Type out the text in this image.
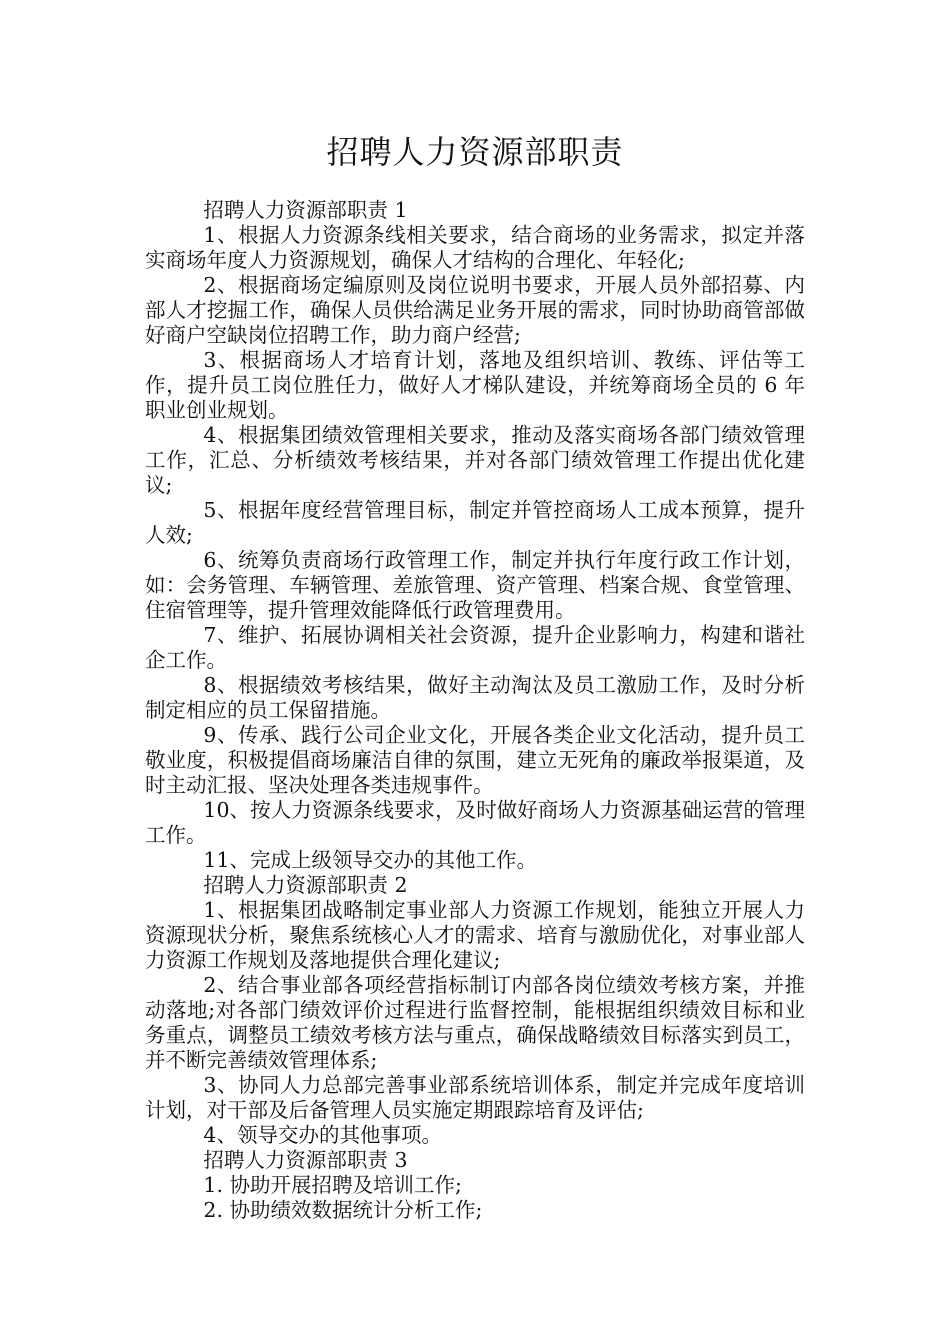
招聘人力资源部职责

招聘人力资源部职责 1

1、根据人力资源条线相关要求，结合商场的业务需求，拟定并落实商场年度人力资源规划，确保人才结构的合理化、年轻化;

2、根据商场定编原则及岗位说明书要求，开展人员外部招募、内部人才挖掘工作，确保人员供给满足业务开展的需求，同时协助商管部做好商户空缺岗位招聘工作，助力商户经营;

3、根据商场人才培育计划，落地及组织培训、教练、评估等工作，提升员工岗位胜任力，做好人才梯队建设，并统筹商场全员的 6 年职业创业规划。

4、根据集团绩效管理相关要求，推动及落实商场各部门绩效管理工作，汇总、分析绩效考核结果，并对各部门绩效管理工作提出优化建议;

5、根据年度经营管理目标，制定并管控商场人工成本预算，提升人效;

6、统筹负责商场行政管理工作，制定并执行年度行政工作计划，如：会务管理、车辆管理、差旅管理、资产管理、档案合规、食堂管理、住宿管理等，提升管理效能降低行政管理费用。

7、维护、拓展协调相关社会资源，提升企业影响力，构建和谐社企工作。

8、根据绩效考核结果，做好主动淘汰及员工激励工作，及时分析制定相应的员工保留措施。

9、传承、践行公司企业文化，开展各类企业文化活动，提升员工敬业度，积极提倡商场廉洁自律的氛围，建立无死角的廉政举报渠道，及时主动汇报、坚决处理各类违规事件。

10、按人力资源条线要求，及时做好商场人力资源基础运营的管理工作。

11、完成上级领导交办的其他工作。

招聘人力资源部职责 2

1、根据集团战略制定事业部人力资源工作规划，能独立开展人力资源现状分析，聚焦系统核心人才的需求、培育与激励优化，对事业部人力资源工作规划及落地提供合理化建议;

2、结合事业部各项经营指标制订内部各岗位绩效考核方案，并推动落地;对各部门绩效评价过程进行监督控制，能根据组织绩效目标和业务重点，调整员工绩效考核方法与重点，确保战略绩效目标落实到员工，并不断完善绩效管理体系;

3、协同人力总部完善事业部系统培训体系，制定并完成年度培训计划，对干部及后备管理人员实施定期跟踪培育及评估;

4、领导交办的其他事项。

招聘人力资源部职责 3

1. 协助开展招聘及培训工作;

2. 协助绩效数据统计分析工作;
